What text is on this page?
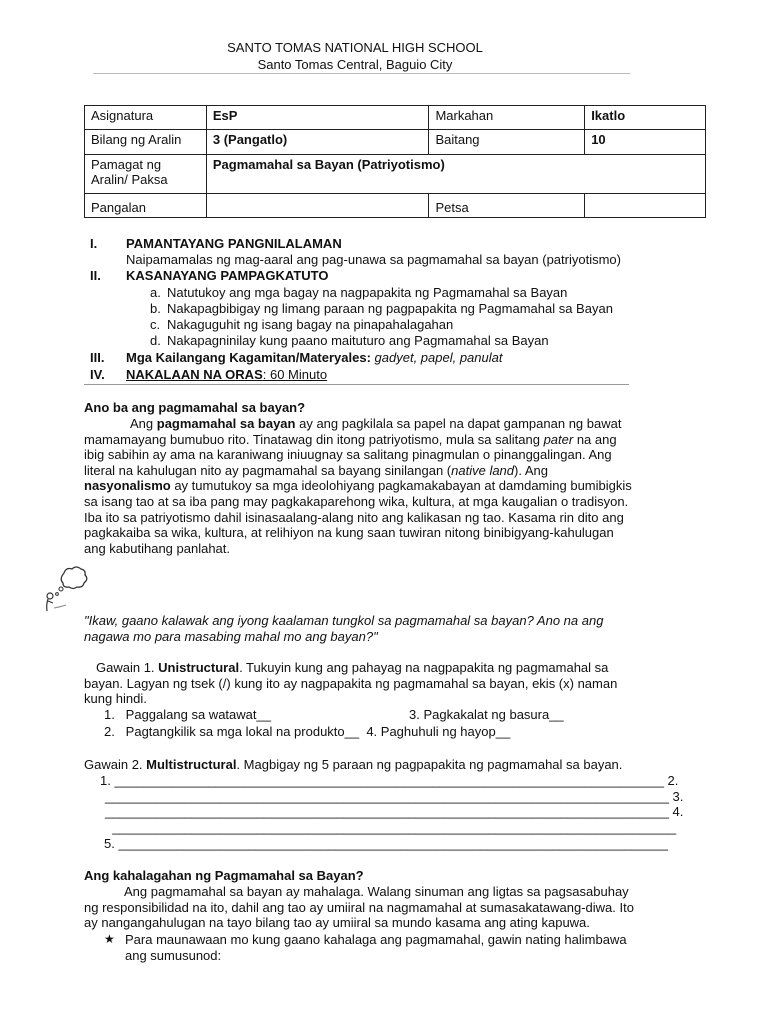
SANTO TOMAS NATIONAL HIGH SCHOOL
Santo Tomas Central, Baguio City
Asignatura	EsP	Markahan	Ikatlo
Bilang ng Aralin	3 (Pangatlo)	Baitang	10
Pamagat ng Aralin/ Paksa	Pagmamahal sa Bayan (Patriyotismo)		
Pangalan		Petsa	
I. PAMANTAYANG PANGNILALAMAN
Naipamamalas ng mag-aaral ang pag-unawa sa pagmamahal sa bayan (patriyotismo)
II. KASANAYANG PAMPAGKATUTO
a. Natutukoy ang mga bagay na nagpapakita ng Pagmamahal sa Bayan
b. Nakapagbibigay ng limang paraan ng pagpapakita ng Pagmamahal sa Bayan
c. Nakaguguhit ng isang bagay na pinapahalagahan
d. Nakapagninilay kung paano maituturo ang Pagmamahal sa Bayan
III. Mga Kailangang Kagamitan/Materyales: gadyet, papel, panulat
IV. NAKALAAN NA ORAS: 60 Minuto
Ano ba ang pagmamahal sa bayan?
Ang pagmamahal sa bayan ay ang pagkilala sa papel na dapat gampanan ng bawat mamamayang bumubuo rito. Tinatawag din itong patriyotismo, mula sa salitang pater na ang ibig sabihin ay ama na karaniwang iniuugnay sa salitang pinagmulan o pinanggalingan. Ang literal na kahulugan nito ay pagmamahal sa bayang sinilangan (native land). Ang nasyonalismo ay tumutukoy sa mga ideolohiyang pagkamakabayan at damdaming bumibigkis sa isang tao at sa iba pang may pagkakaparehong wika, kultura, at mga kaugalian o tradisyon. Iba ito sa patriyotismo dahil isinasaalang-alang nito ang kalikasan ng tao. Kasama rin dito ang pagkakaiba sa wika, kultura, at relihiyon na kung saan tuwiran nitong binibigyang-kahulugan ang kabutihang panlahat.
"Ikaw, gaano kalawak ang iyong kaalaman tungkol sa pagmamahal sa bayan? Ano na ang nagawa mo para masabing mahal mo ang bayan?"
Gawain 1. Unistructural. Tukuyin kung ang pahayag na nagpapakita ng pagmamahal sa bayan. Lagyan ng tsek (/) kung ito ay nagpapakita ng pagmamahal sa bayan, ekis (x) naman kung hindi.
1.   Paggalang sa watawat__	3. Pagkakalat ng basura__
2.   Pagtangkilik sa mga lokal na produkto__  4. Paghuhuli ng hayop__
Gawain 2. Multistructural. Magbigay ng 5 paraan ng pagpapakita ng pagmamahal sa bayan.
1. ____________________________________________________________________________ 2.
______________________________________________________________________________ 3.
______________________________________________________________________________ 4.
______________________________________________________________________________
5. ____________________________________________________________________________
Ang kahalagahan ng Pagmamahal sa Bayan?
Ang pagmamahal sa bayan ay mahalaga. Walang sinuman ang ligtas sa pagsasabuhay ng responsibilidad na ito, dahil ang tao ay umiiral na nagmamahal at sumasakatawang-diwa. Ito ay nangangahulugan na tayo bilang tao ay umiiral sa mundo kasama ang ating kapuwa.
★ Para maunawaan mo kung gaano kahalaga ang pagmamahal, gawin nating halimbawa ang sumusunod:
